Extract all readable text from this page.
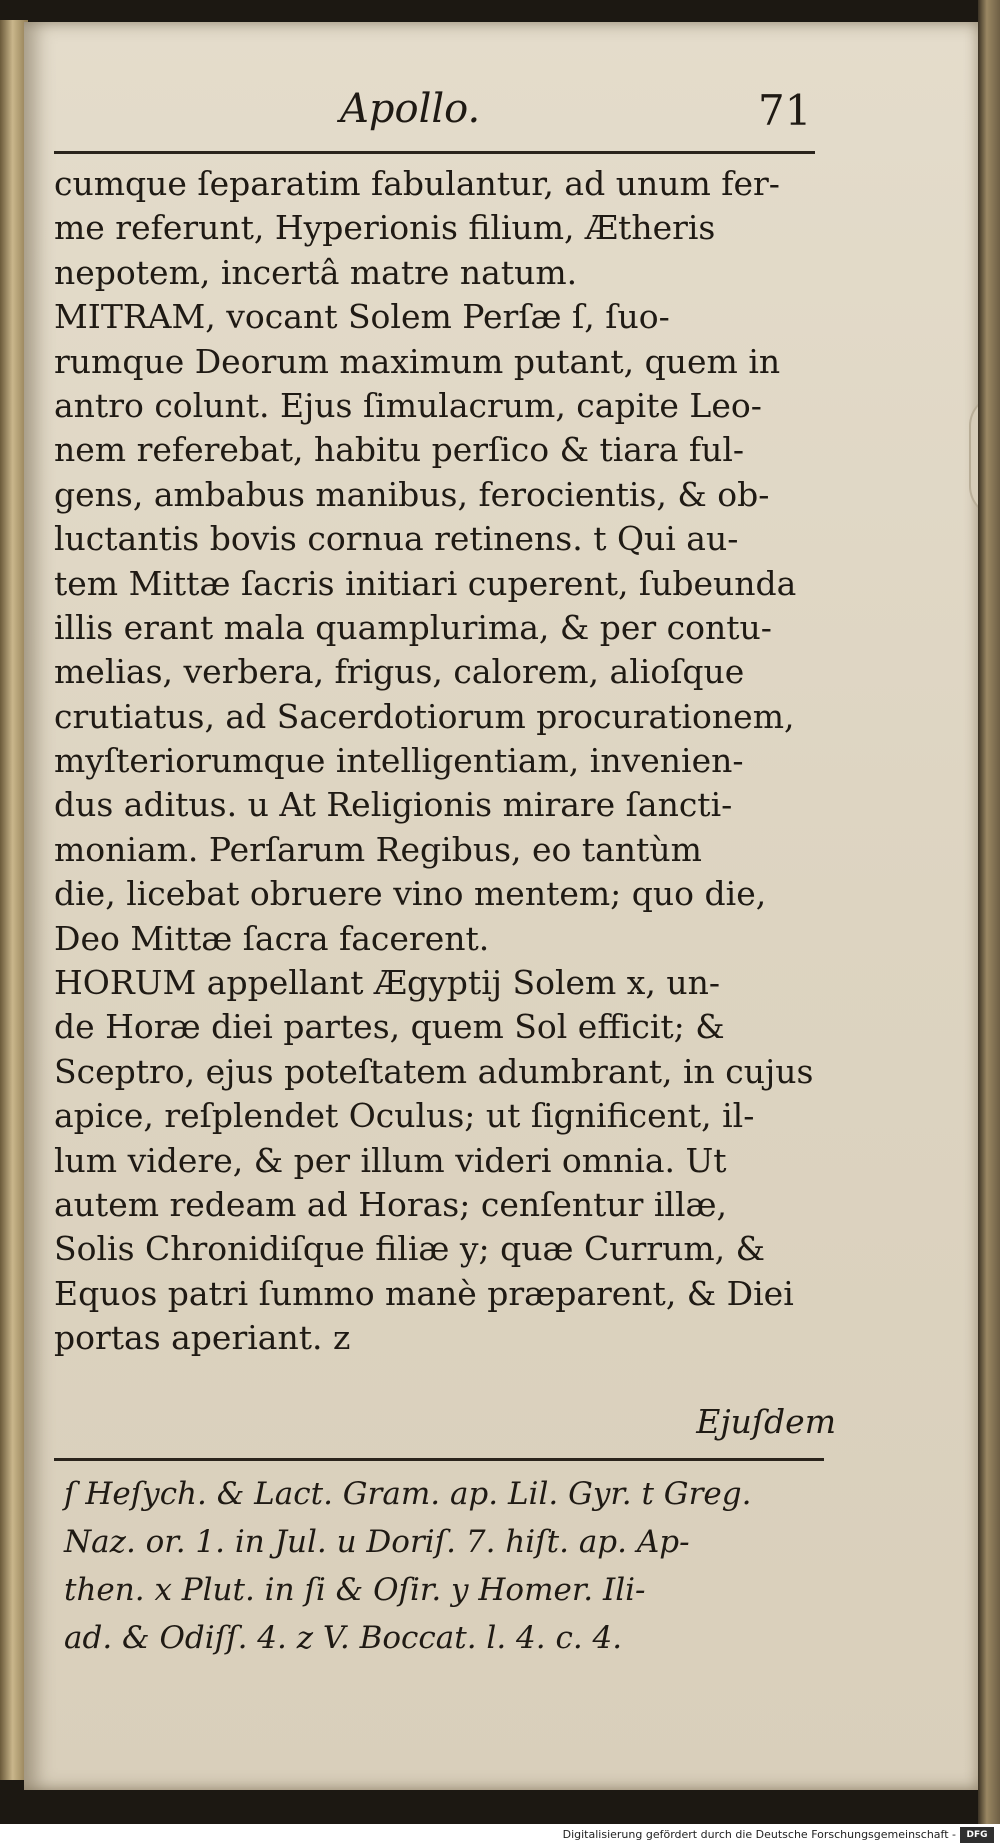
Apollo.	71
cumque ſeparatim fabulantur, ad unum fer-
me referunt, Hyperionis filium, Ætheris
nepotem, incertâ matre natum.
MITRAM, vocant Solem Perſæ ſ, ſuo-
rumque Deorum maximum putant, quem in
antro colunt. Ejus ſimulacrum, capite Leo-
nem referebat, habitu perſico & tiara ful-
gens, ambabus manibus, ferocientis, & ob-
luctantis bovis cornua retinens. t Qui au-
tem Mittæ ſacris initiari cuperent, ſubeunda
illis erant mala quamplurima, & per contu-
melias, verbera, frigus, calorem, alioſque
crutiatus, ad Sacerdotiorum procurationem,
myſteriorumque intelligentiam, invenien-
dus aditus. u At Religionis mirare ſancti-
moniam. Perſarum Regibus, eo tantùm
die, licebat obruere vino mentem; quo die,
Deo Mittæ ſacra facerent.
HORUM appellant Ægyptij Solem x, un-
de Horæ diei partes, quem Sol efficit; &
Sceptro, ejus poteſtatem adumbrant, in cujus
apice, reſplendet Oculus; ut ſignificent, il-
lum videre, & per illum videri omnia. Ut
autem redeam ad Horas; cenſentur illæ,
Solis Chronidiſque filiæ y; quæ Currum, &
Equos patri ſummo manè præparent, & Diei
portas aperiant. z
Ejuſdem
ſ Heſych. & Lact. Gram. ap. Lil. Gyr. t Greg.
Naz. or. 1. in Jul. u Doriſ. 7. hiſt. ap. Ap-
then. x Plut. in ſi & Oſir. y Homer. Ili-
ad. & Odiſſ. 4. z V. Boccat. l. 4. c. 4.
Digitalisierung gefördert durch die Deutsche Forschungsgemeinschaft -	DFG
